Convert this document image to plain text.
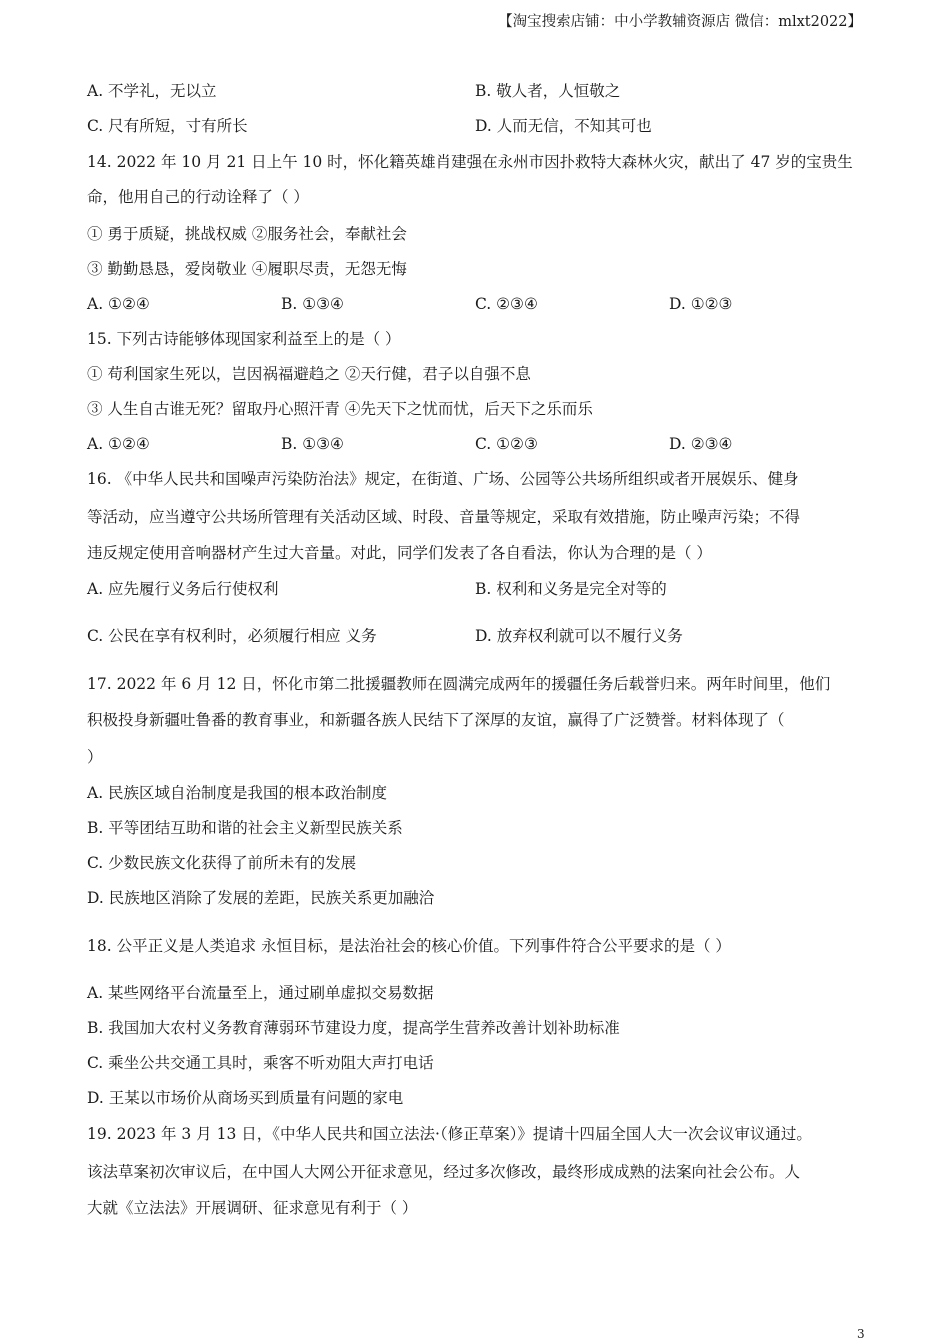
【淘宝搜索店铺：中小学教辅资源店 微信：mlxt2022】
A. 不学礼，无以立	B. 敬人者，人恒敬之
C. 尺有所短，寸有所长	D. 人而无信，不知其可也
14. 2022 年 10 月 21 日上午 10 时，怀化籍英雄肖建强在永州市因扑救特大森林火灾，献出了 47 岁的宝贵生
命，他用自己的行动诠释了（ ）
① 勇于质疑，挑战权威 ②服务社会，奉献社会
③ 勤勤恳恳，爱岗敬业 ④履职尽责，无怨无悔
A. ①②④	B. ①③④	C. ②③④	D. ①②③
15. 下列古诗能够体现国家利益至上的是（ ）
① 苟利国家生死以，岂因祸福避趋之 ②天行健，君子以自强不息
③ 人生自古谁无死？留取丹心照汗青 ④先天下之忧而忧，后天下之乐而乐
A. ①②④	B. ①③④	C. ①②③	D. ②③④
16. 《中华人民共和国噪声污染防治法》规定，在街道、广场、公园等公共场所组织或者开展娱乐、健身
等活动，应当遵守公共场所管理有关活动区域、时段、音量等规定，采取有效措施，防止噪声污染；不得
违反规定使用音响器材产生过大音量。对此，同学们发表了各自看法，你认为合理的是（ ）
A. 应先履行义务后行使权利	B. 权利和义务是完全对等的
C. 公民在享有权利时，必须履行相应 义务	D. 放弃权利就可以不履行义务
17. 2022 年 6 月 12 日，怀化市第二批援疆教师在圆满完成两年的援疆任务后载誉归来。两年时间里，他们
积极投身新疆吐鲁番的教育事业，和新疆各族人民结下了深厚的友谊，赢得了广泛赞誉。材料体现了（
）
A. 民族区域自治制度是我国的根本政治制度
B. 平等团结互助和谐的社会主义新型民族关系
C. 少数民族文化获得了前所未有的发展
D. 民族地区消除了发展的差距，民族关系更加融洽
18. 公平正义是人类追求 永恒目标，是法治社会的核心价值。下列事件符合公平要求的是（ ）
A. 某些网络平台流量至上，通过刷单虚拟交易数据
B. 我国加大农村义务教育薄弱环节建设力度，提高学生营养改善计划补助标准
C. 乘坐公共交通工具时，乘客不听劝阻大声打电话
D. 王某以市场价从商场买到质量有问题的家电
19. 2023 年 3 月 13 日，《中华人民共和国立法法·（修正草案）》提请十四届全国人大一次会议审议通过。
该法草案初次审议后，在中国人大网公开征求意见，经过多次修改，最终形成成熟的法案向社会公布。人
大就《立法法》开展调研、征求意见有利于（ ）
3
